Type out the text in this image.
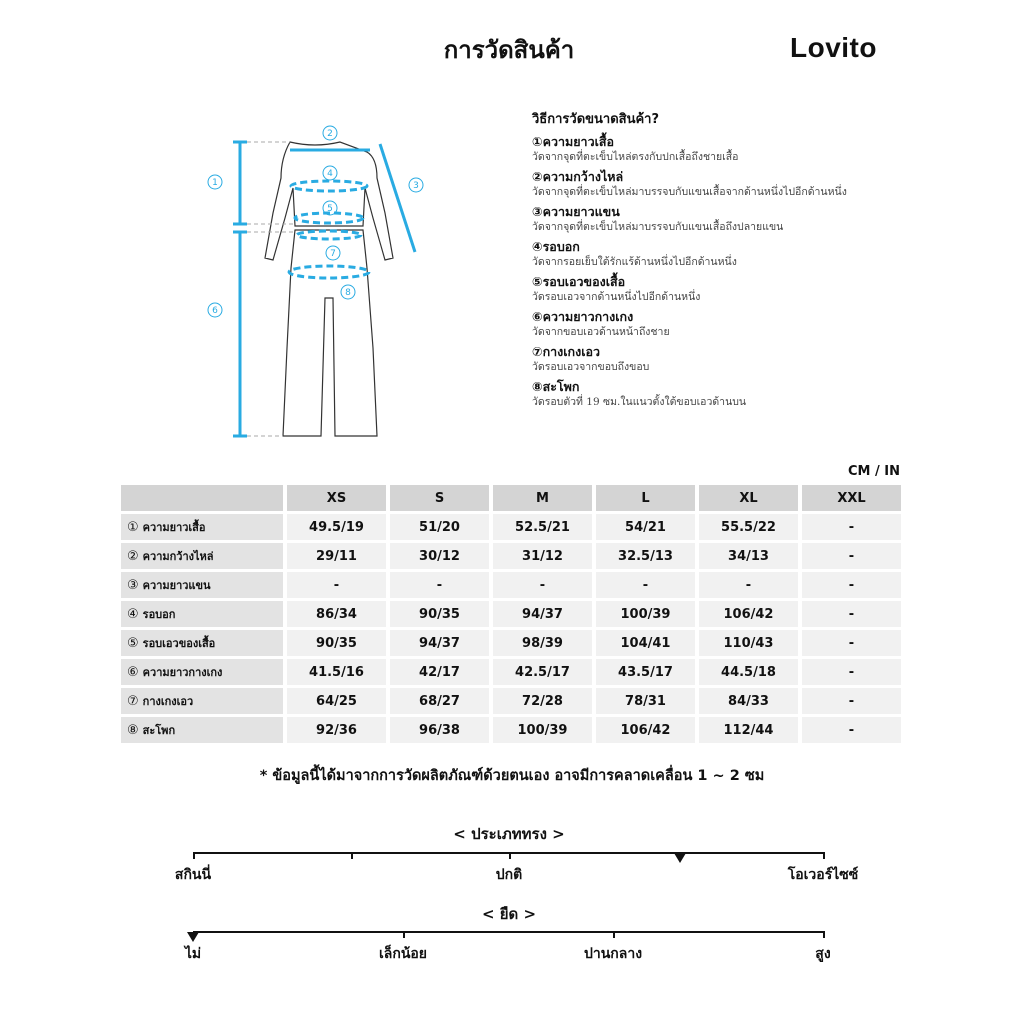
การวัดสินค้า	Lovito
1
2
3
4
5
6
7
8
วิธีการวัดขนาดสินค้า?
①ความยาวเสื้อ
วัดจากจุดที่ตะเข็บไหล่ตรงกับปกเสื้อถึงชายเสื้อ
②ความกว้างไหล่
วัดจากจุดที่ตะเข็บไหล่มาบรรจบกับแขนเสื้อจากด้านหนึ่งไปอีกด้านหนึ่ง
③ความยาวแขน
วัดจากจุดที่ตะเข็บไหล่มาบรรจบกับแขนเสื้อถึงปลายแขน
④รอบอก
วัดจากรอยเย็บใต้รักแร้ด้านหนึ่งไปอีกด้านหนึ่ง
⑤รอบเอวของเสื้อ
วัดรอบเอวจากด้านหนึ่งไปอีกด้านหนึ่ง
⑥ความยาวกางเกง
วัดจากขอบเอวด้านหน้าถึงชาย
⑦กางเกงเอว
วัดรอบเอวจากขอบถึงขอบ
⑧สะโพก
วัดรอบตัวที่ 19 ซม.ในแนวตั้งใต้ขอบเอวด้านบน
CM / IN
	XS	S	M	L	XL	XXL
① ความยาวเสื้อ	49.5/19	51/20	52.5/21	54/21	55.5/22	-
② ความกว้างไหล่	29/11	30/12	31/12	32.5/13	34/13	-
③ ความยาวแขน	-	-	-	-	-	-
④ รอบอก	86/34	90/35	94/37	100/39	106/42	-
⑤ รอบเอวของเสื้อ	90/35	94/37	98/39	104/41	110/43	-
⑥ ความยาวกางเกง	41.5/16	42/17	42.5/17	43.5/17	44.5/18	-
⑦ กางเกงเอว	64/25	68/27	72/28	78/31	84/33	-
⑧ สะโพก	92/36	96/38	100/39	106/42	112/44	-
* ข้อมูลนี้ได้มาจากการวัดผลิตภัณฑ์ด้วยตนเอง อาจมีการคลาดเคลื่อน 1 ~ 2 ซม
< ประเภททรง >
สกินนี่	ปกติ	โอเวอร์ไซซ์
< ยืด >
ไม่	เล็กน้อย	ปานกลาง	สูง
